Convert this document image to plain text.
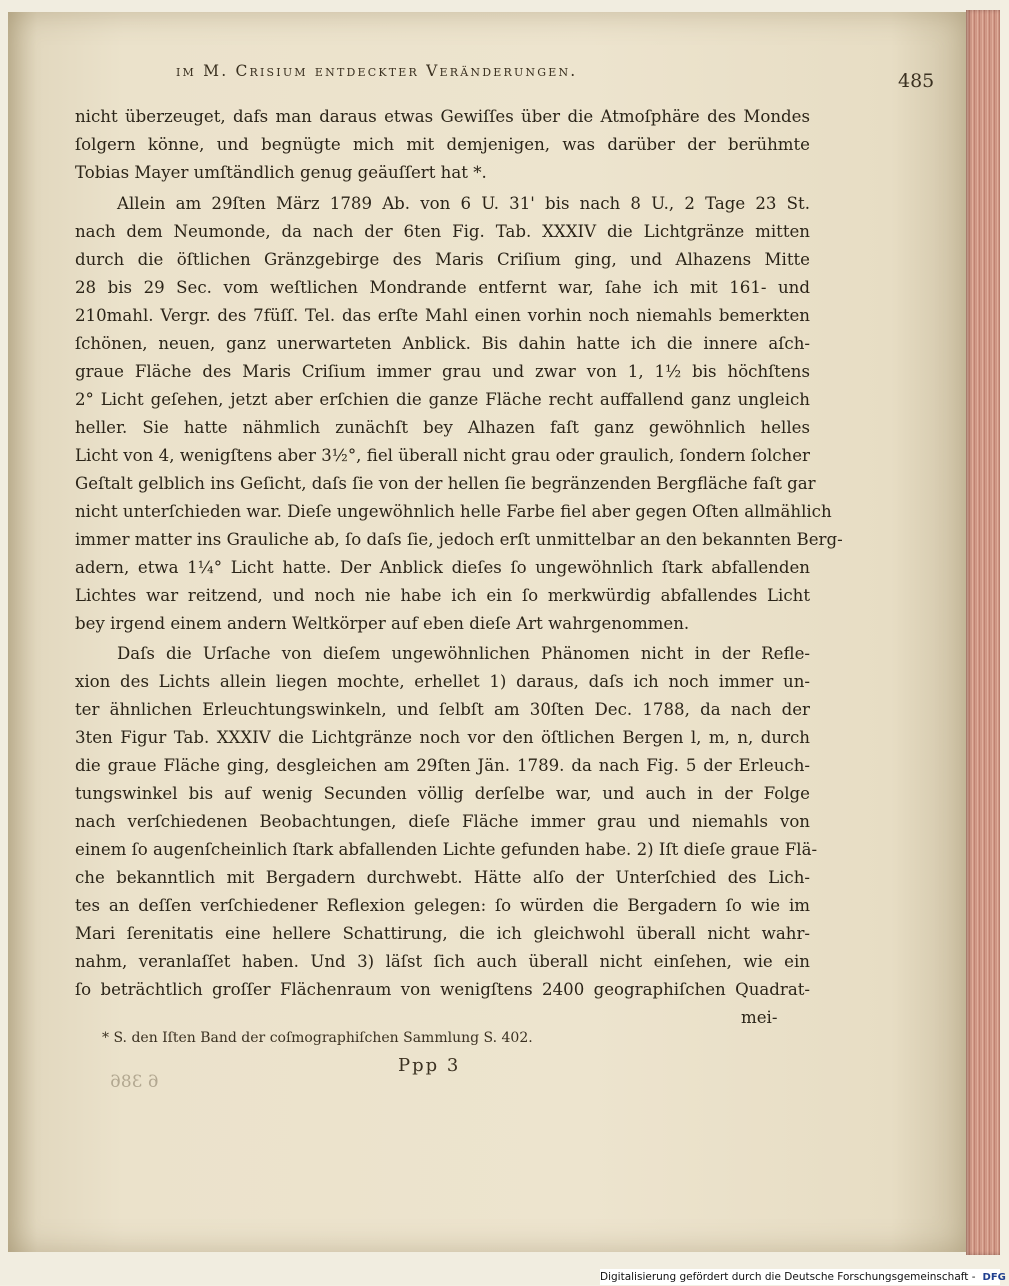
im M. Crisium entdeckter Veränderungen.	485
nicht überzeuget, dafs man daraus etwas Gewiſſes über die Atmoſphäre des Mondes
ſolgern könne, und begnügte mich mit demjenigen, was darüber der berühmte
Tobias Mayer umſtändlich genug geäuſſert hat *.
Allein am 29ſten März 1789 Ab. von 6 U. 31' bis nach 8 U., 2 Tage 23 St.
nach dem Neumonde, da nach der 6ten Fig. Tab. XXXIV die Lichtgränze mitten
durch die öſtlichen Gränzgebirge des Maris Criſium ging, und Alhazens Mitte
28 bis 29 Sec. vom weſtlichen Mondrande entfernt war, ſahe ich mit 161- und
210mahl. Vergr. des 7füſſ. Tel. das erſte Mahl einen vorhin noch niemahls bemerkten
ſchönen, neuen, ganz unerwarteten Anblick. Bis dahin hatte ich die innere aſch-
graue Fläche des Maris Criſium immer grau und zwar von 1, 1½ bis höchſtens
2° Licht geſehen, jetzt aber erſchien die ganze Fläche recht auffallend ganz ungleich
heller. Sie hatte nähmlich zunächſt bey Alhazen faſt ganz gewöhnlich helles
Licht von 4, wenigſtens aber 3½°, fiel überall nicht grau oder graulich, ſondern ſolcher
Geſtalt gelblich ins Geſicht, daſs ſie von der hellen ſie begränzenden Bergfläche faſt gar
nicht unterſchieden war. Dieſe ungewöhnlich helle Farbe fiel aber gegen Oſten allmählich
immer matter ins Grauliche ab, ſo daſs ſie, jedoch erſt unmittelbar an den bekannten Berg-
adern, etwa 1¼° Licht hatte. Der Anblick dieſes ſo ungewöhnlich ſtark abfallenden
Lichtes war reitzend, und noch nie habe ich ein ſo merkwürdig abfallendes Licht
bey irgend einem andern Weltkörper auf eben dieſe Art wahrgenommen.
Daſs die Urſache von dieſem ungewöhnlichen Phänomen nicht in der Refle-
xion des Lichts allein liegen mochte, erhellet 1) daraus, daſs ich noch immer un-
ter ähnlichen Erleuchtungswinkeln, und ſelbſt am 30ſten Dec. 1788, da nach der
3ten Figur Tab. XXXIV die Lichtgränze noch vor den öſtlichen Bergen l, m, n, durch
die graue Fläche ging, desgleichen am 29ſten Jän. 1789. da nach Fig. 5 der Erleuch-
tungswinkel bis auf wenig Secunden völlig derſelbe war, und auch in der Folge
nach verſchiedenen Beobachtungen, dieſe Fläche immer grau und niemahls von
einem ſo augenſcheinlich ſtark abfallenden Lichte gefunden habe. 2) Iſt dieſe graue Flä-
che bekanntlich mit Bergadern durchwebt. Hätte alſo der Unterſchied des Lich-
tes an deſſen verſchiedener Reflexion gelegen: ſo würden die Bergadern ſo wie im
Mari ſerenitatis eine hellere Schattirung, die ich gleichwohl überall nicht wahr-
nahm, veranlaſſet haben. Und 3) läſst ſich auch überall nicht einſehen, wie ein
ſo beträchtlich groſſer Flächenraum von wenigſtens 2400 geographiſchen Quadrat-
mei-
* S. den Iſten Band der coſmographiſchen Sammlung S. 402.
Ppp 3
6 386
Digitalisierung gefördert durch die Deutsche Forschungsgemeinschaft - DFG
